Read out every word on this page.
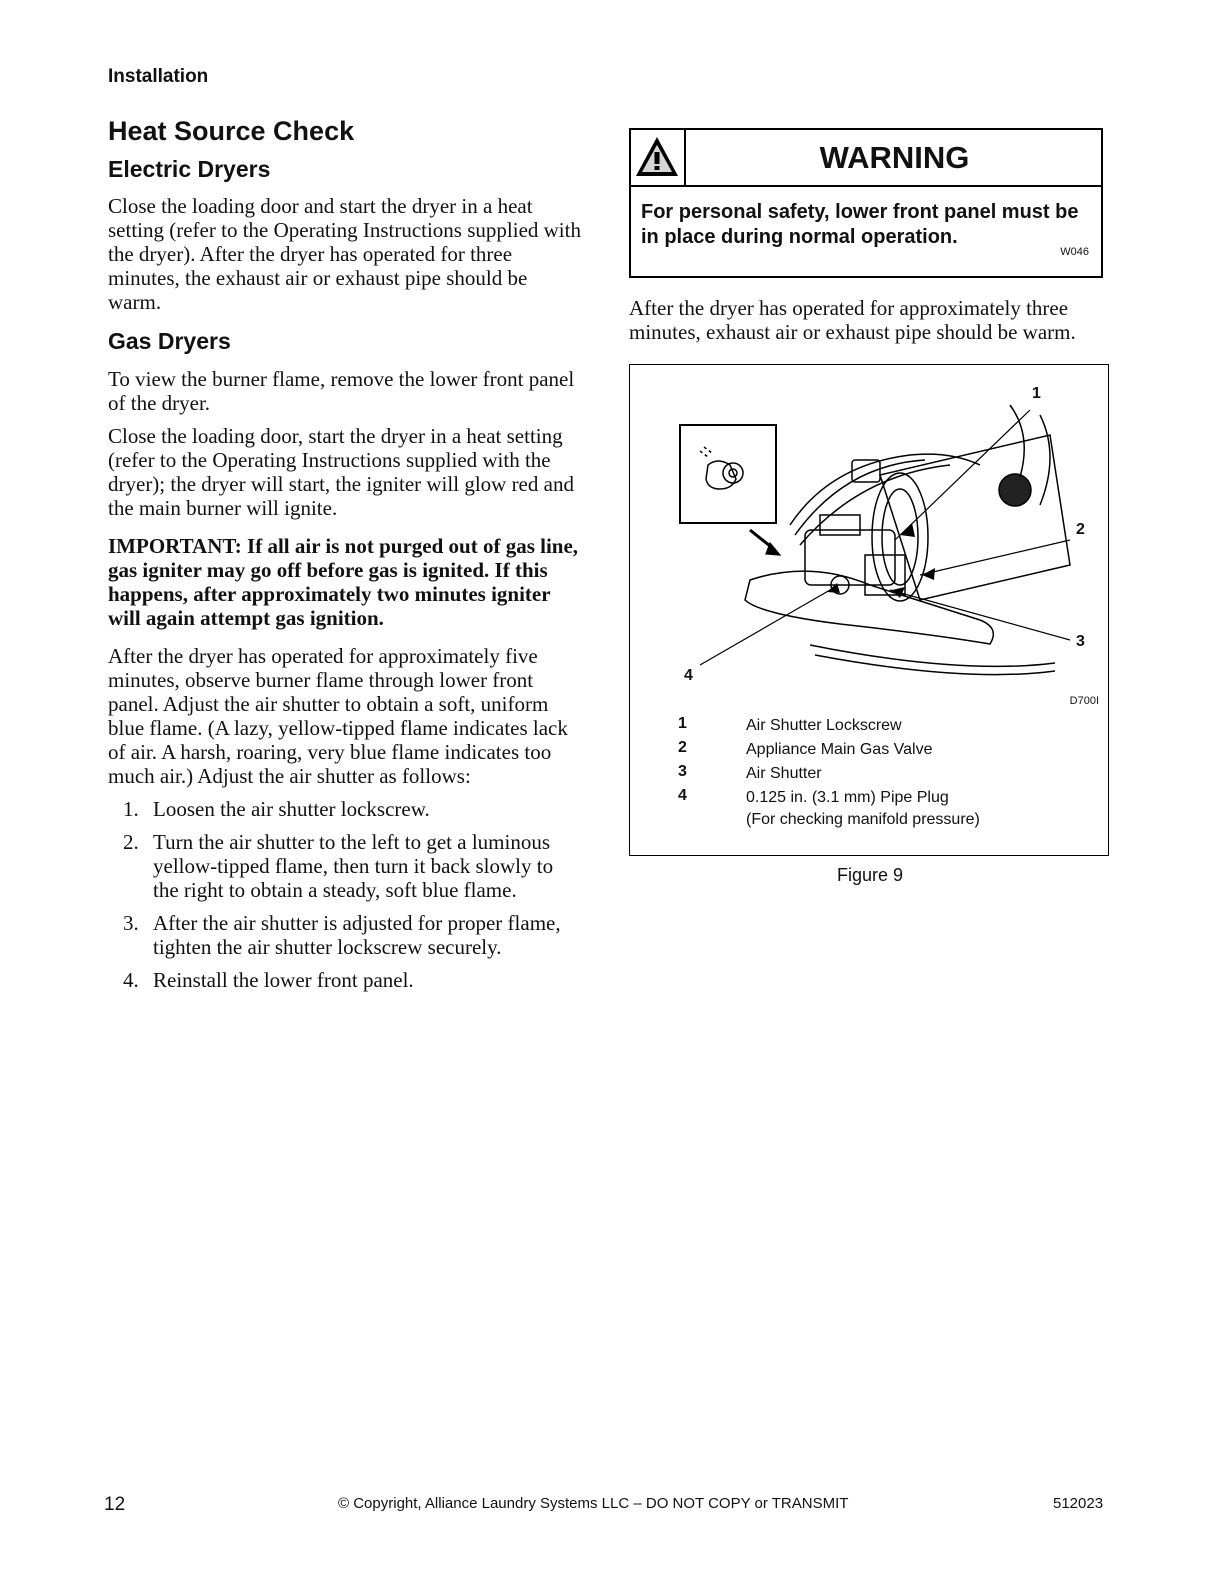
Installation
Heat Source Check
Electric Dryers

Close the loading door and start the dryer in a heat setting (refer to the Operating Instructions supplied with the dryer). After the dryer has operated for three minutes, the exhaust air or exhaust pipe should be warm.

Gas Dryers

To view the burner flame, remove the lower front panel of the dryer.

Close the loading door, start the dryer in a heat setting (refer to the Operating Instructions supplied with the dryer); the dryer will start, the igniter will glow red and the main burner will ignite.

IMPORTANT: If all air is not purged out of gas line, gas igniter may go off before gas is ignited. If this happens, after approximately two minutes igniter will again attempt gas ignition.

After the dryer has operated for approximately five minutes, observe burner flame through lower front panel. Adjust the air shutter to obtain a soft, uniform blue flame. (A lazy, yellow-tipped flame indicates lack of air. A harsh, roaring, very blue flame indicates too much air.) Adjust the air shutter as follows:

1. Loosen the air shutter lockscrew.
2. Turn the air shutter to the left to get a luminous yellow-tipped flame, then turn it back slowly to the right to obtain a steady, soft blue flame.
3. After the air shutter is adjusted for proper flame, tighten the air shutter lockscrew securely.
4. Reinstall the lower front panel.
WARNING
For personal safety, lower front panel must be in place during normal operation.
W046
After the dryer has operated for approximately three minutes, exhaust air or exhaust pipe should be warm.
1
2
3
4
D700I
1	Air Shutter Lockscrew
2	Appliance Main Gas Valve
3	Air Shutter
4	0.125 in. (3.1 mm) Pipe Plug
(For checking manifold pressure)
Figure 9
12	© Copyright, Alliance Laundry Systems LLC – DO NOT COPY or TRANSMIT	512023
